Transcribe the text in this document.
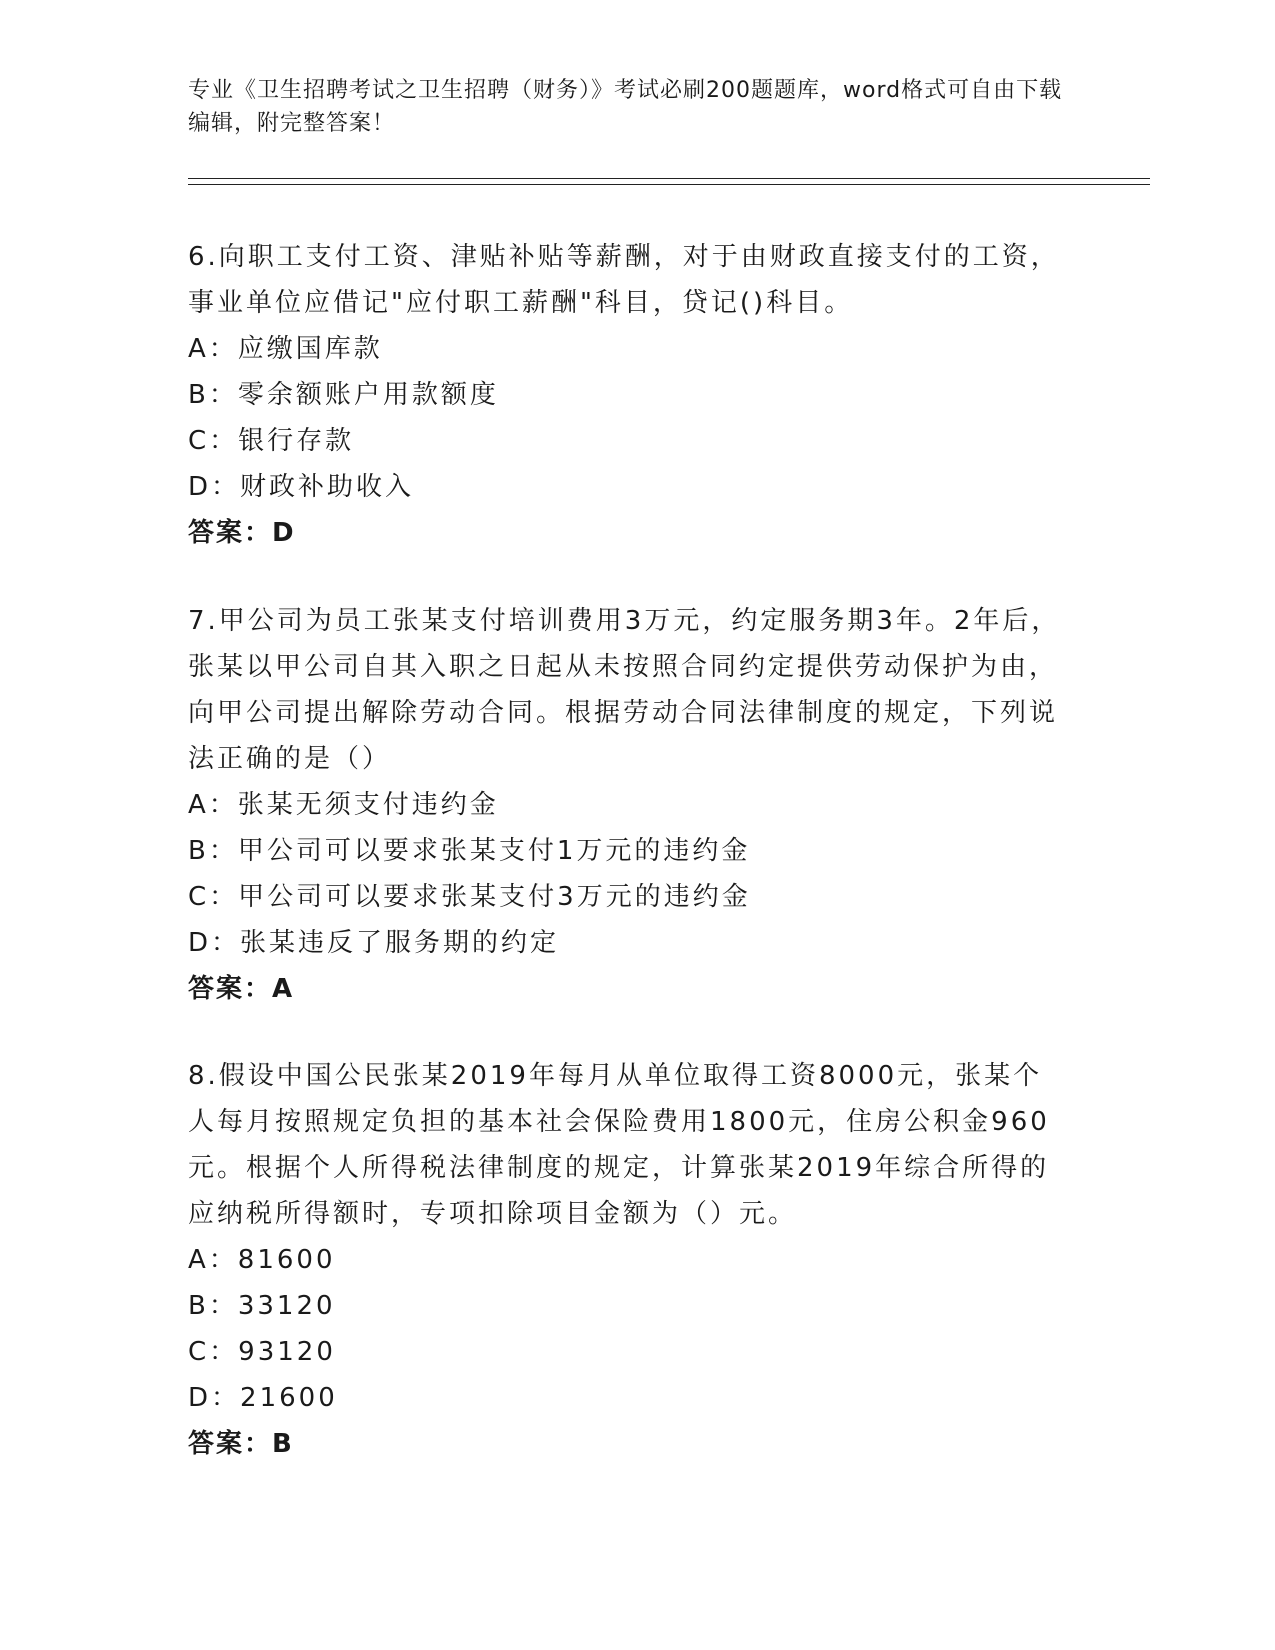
专业《卫生招聘考试之卫生招聘（财务）》考试必刷200题题库，word格式可自由下载编辑，附完整答案！

6.向职工支付工资、津贴补贴等薪酬，对于由财政直接支付的工资，事业单位应借记"应付职工薪酬"科目，贷记()科目。

A：应缴国库款
B：零余额账户用款额度
C：银行存款
D：财政补助收入
答案：D

7.甲公司为员工张某支付培训费用3万元，约定服务期3年。2年后，张某以甲公司自其入职之日起从未按照合同约定提供劳动保护为由，向甲公司提出解除劳动合同。根据劳动合同法律制度的规定，下列说法正确的是（）

A：张某无须支付违约金
B：甲公司可以要求张某支付1万元的违约金
C：甲公司可以要求张某支付3万元的违约金
D：张某违反了服务期的约定
答案：A

8.假设中国公民张某2019年每月从单位取得工资8000元，张某个人每月按照规定负担的基本社会保险费用1800元，住房公积金960元。根据个人所得税法律制度的规定，计算张某2019年综合所得的应纳税所得额时，专项扣除项目金额为（）元。

A：81600
B：33120
C：93120
D：21600
答案：B
